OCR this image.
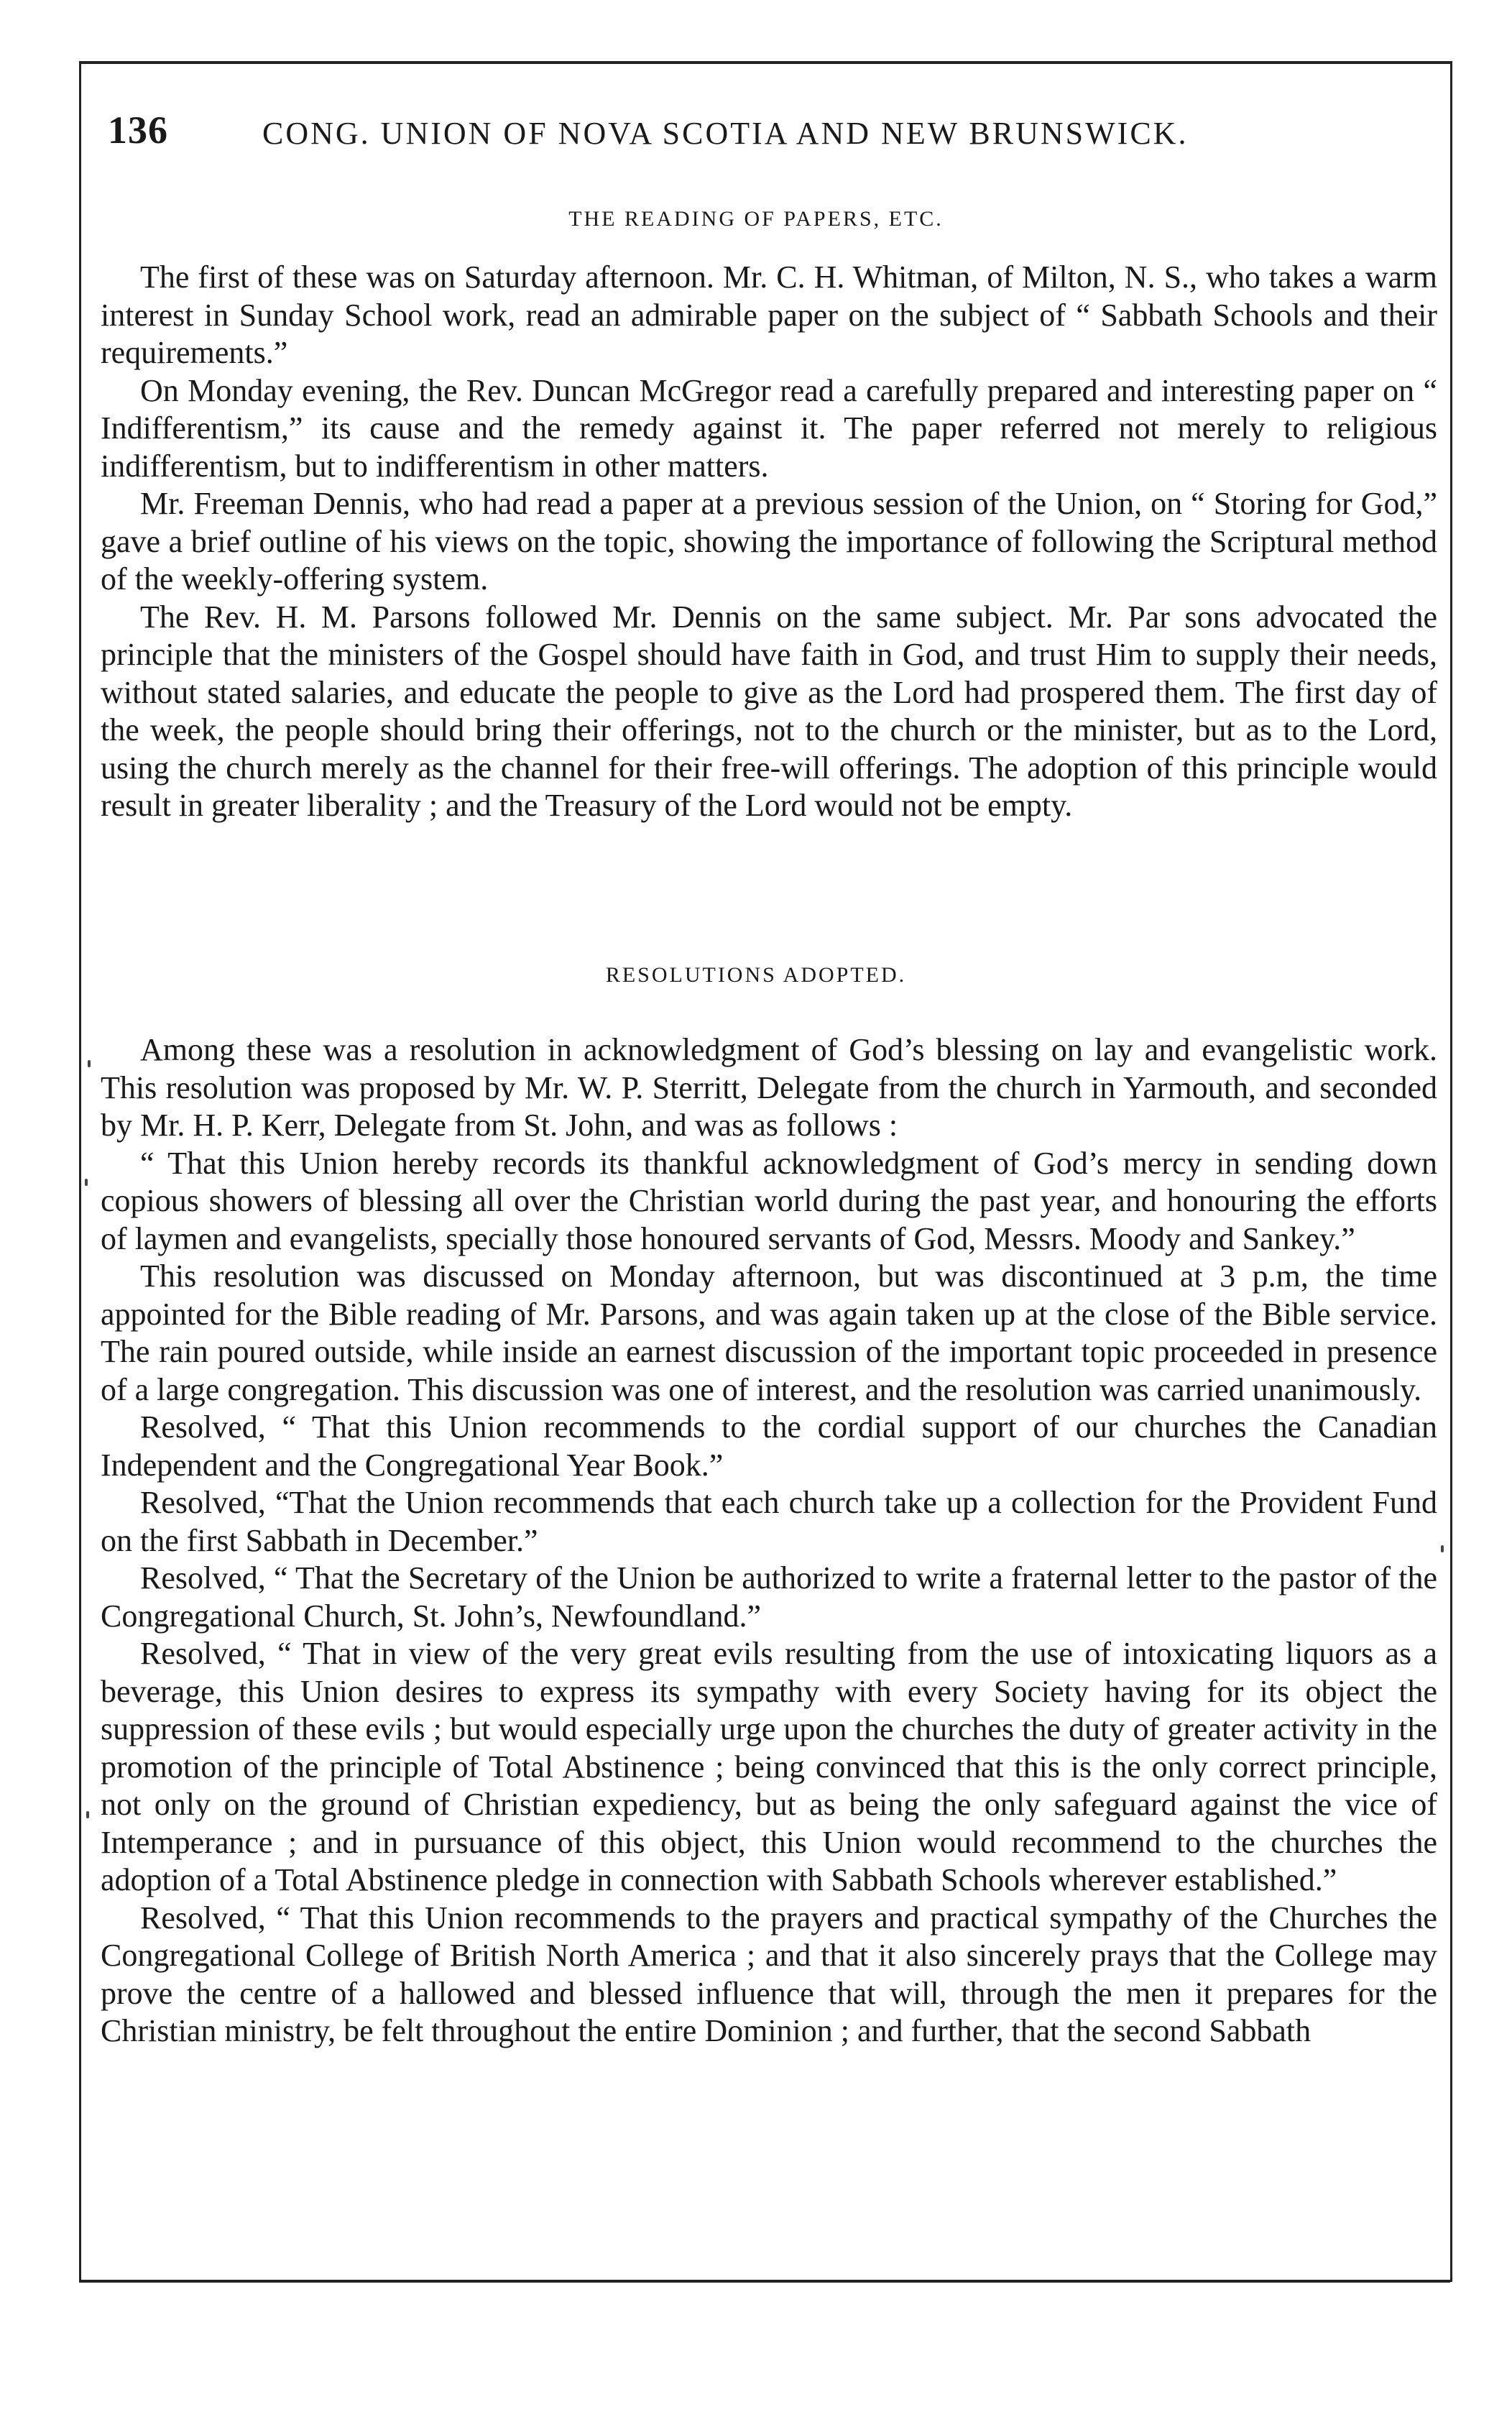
136	CONG. UNION OF NOVA SCOTIA AND NEW BRUNSWICK.
THE READING OF PAPERS, ETC.

The first of these was on Saturday afternoon. Mr. C. H. Whitman, of Milton, N. S., who takes a warm interest in Sunday School work, read an admirable paper on the subject of “ Sabbath Schools and their requirements.”

On Monday evening, the Rev. Duncan McGregor read a carefully prepared and interesting paper on “ Indifferentism,” its cause and the remedy against it. The paper referred not merely to religious indifferentism, but to indifferentism in other matters.

Mr. Freeman Dennis, who had read a paper at a previous session of the Union, on “ Storing for God,” gave a brief outline of his views on the topic, showing the importance of following the Scriptural method of the weekly-offering system.

The Rev. H. M. Parsons followed Mr. Dennis on the same subject. Mr. Par sons advocated the principle that the ministers of the Gospel should have faith in God, and trust Him to supply their needs, without stated salaries, and educate the people to give as the Lord had prospered them. The first day of the week, the people should bring their offerings, not to the church or the minister, but as to the Lord, using the church merely as the channel for their free-will offerings. The adoption of this principle would result in greater liberality ; and the Treasury of the Lord would not be empty.

RESOLUTIONS ADOPTED.

Among these was a resolution in acknowledgment of God’s blessing on lay and evangelistic work. This resolution was proposed by Mr. W. P. Sterritt, Delegate from the church in Yarmouth, and seconded by Mr. H. P. Kerr, Delegate from St. John, and was as follows :

“ That this Union hereby records its thankful acknowledgment of God’s mercy in sending down copious showers of blessing all over the Christian world during the past year, and honouring the efforts of laymen and evangelists, specially those honoured servants of God, Messrs. Moody and Sankey.”

This resolution was discussed on Monday afternoon, but was discontinued at 3 p.m, the time appointed for the Bible reading of Mr. Parsons, and was again taken up at the close of the Bible service. The rain poured outside, while inside an earnest discussion of the important topic proceeded in presence of a large congregation. This discussion was one of interest, and the resolution was carried unanimously.

Resolved, “ That this Union recommends to the cordial support of our churches the Canadian Independent and the Congregational Year Book.”

Resolved, “That the Union recommends that each church take up a collection for the Provident Fund on the first Sabbath in December.”

Resolved, “ That the Secretary of the Union be authorized to write a fraternal letter to the pastor of the Congregational Church, St. John’s, Newfoundland.”

Resolved, “ That in view of the very great evils resulting from the use of intoxicating liquors as a beverage, this Union desires to express its sympathy with every Society having for its object the suppression of these evils ; but would especially urge upon the churches the duty of greater activity in the promotion of the principle of Total Abstinence ; being convinced that this is the only correct principle, not only on the ground of Christian expediency, but as being the only safeguard against the vice of Intemperance ; and in pursuance of this object, this Union would recommend to the churches the adoption of a Total Abstinence pledge in connection with Sabbath Schools wherever established.”

Resolved, “ That this Union recommends to the prayers and practical sympathy of the Churches the Congregational College of British North America ; and that it also sincerely prays that the College may prove the centre of a hallowed and blessed influence that will, through the men it prepares for the Christian ministry, be felt throughout the entire Dominion ; and further, that the second Sabbath
